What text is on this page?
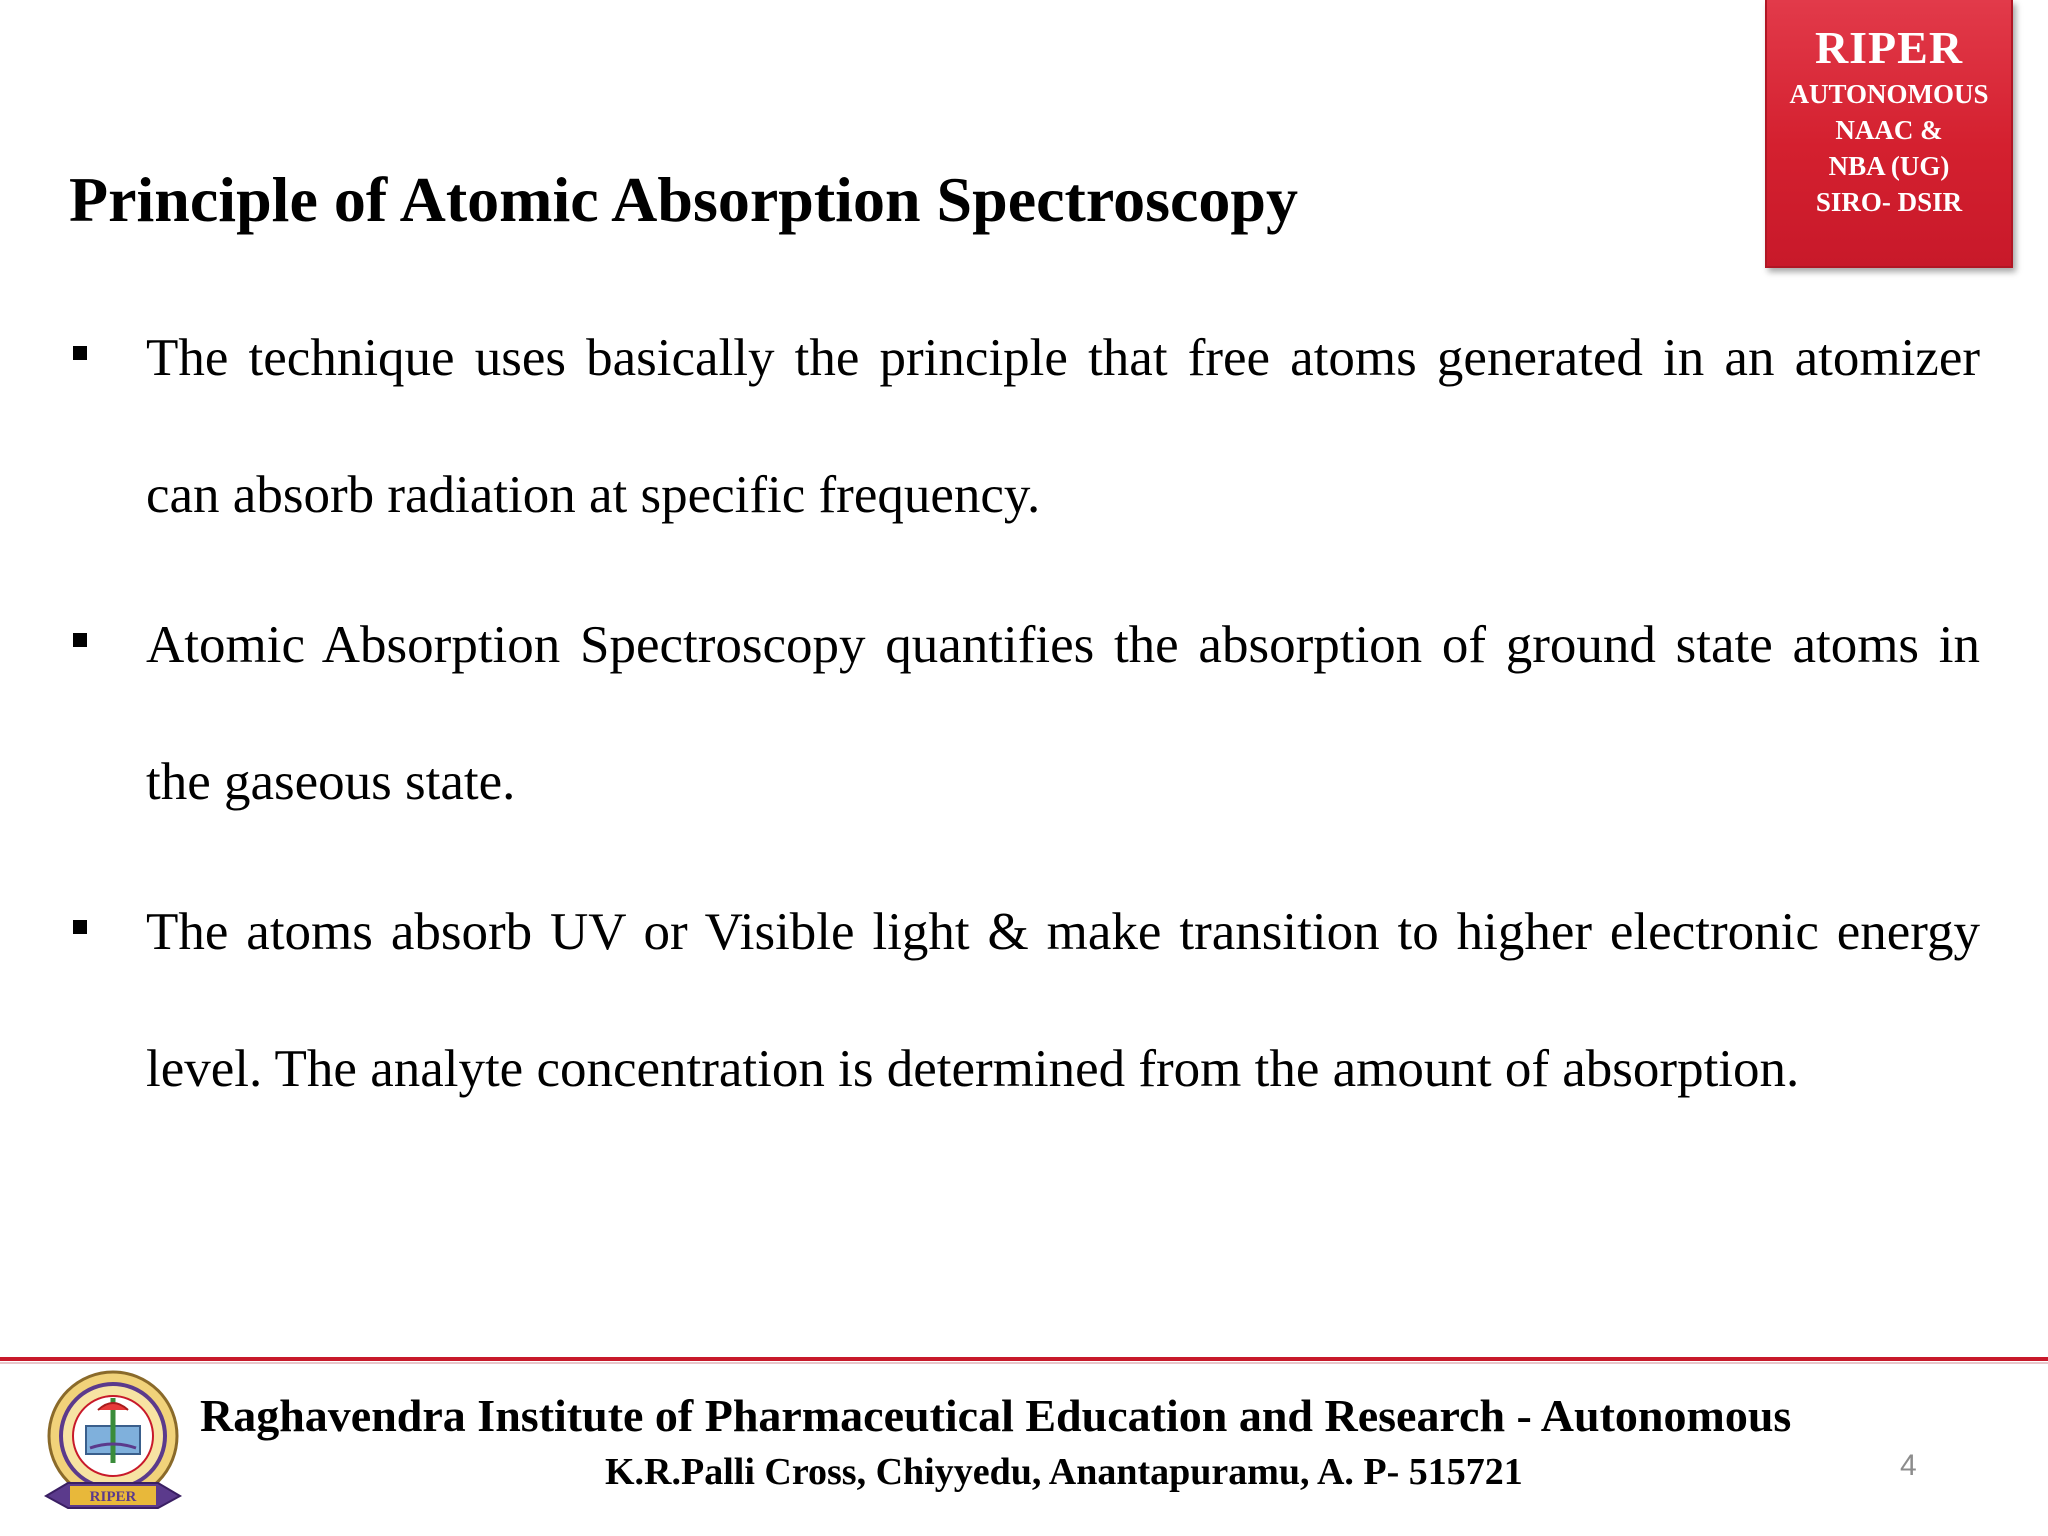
RIPER
AUTONOMOUS
NAAC &
NBA (UG)
SIRO- DSIR
Principle of Atomic Absorption Spectroscopy
The technique uses basically the principle that free atoms generated in an atomizer can absorb radiation at specific frequency.
Atomic Absorption Spectroscopy quantifies the absorption of ground state atoms in the gaseous state.
The atoms absorb UV or Visible light & make transition to higher electronic energy level. The analyte concentration is determined from the amount of absorption.
RIPER
Raghavendra Institute of Pharmaceutical Education and Research - Autonomous
K.R.Palli Cross, Chiyyedu, Anantapuramu, A. P- 515721	4
